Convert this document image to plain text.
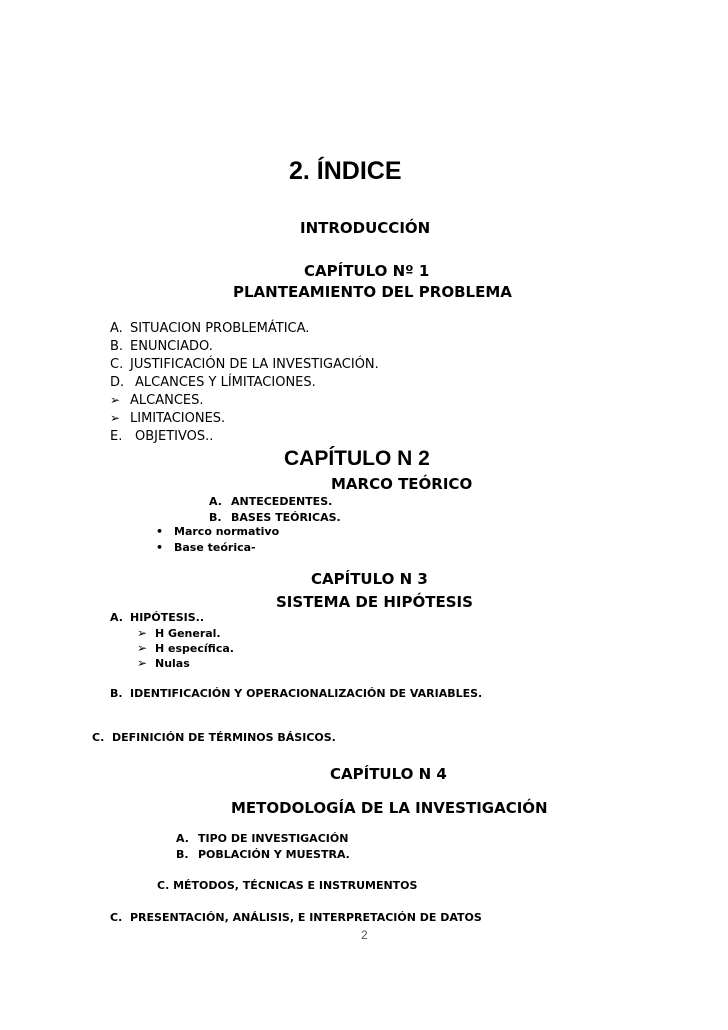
2. ÍNDICE
INTRODUCCIÓN
CAPÍTULO Nº 1
PLANTEAMIENTO DEL PROBLEMA
A. SITUACION PROBLEMÁTICA.
B. ENUNCIADO.
C. JUSTIFICACIÓN DE LA INVESTIGACIÓN.
D. ALCANCES Y LÍMITACIONES.
➢ ALCANCES.
➢ LIMITACIONES.
E. OBJETIVOS..
CAPÍTULO N 2
MARCO TEÓRICO
A. ANTECEDENTES.
B. BASES TEÓRICAS.
• Marco normativo
• Base teórica-
CAPÍTULO N 3
SISTEMA DE HIPÓTESIS
A. HIPÓTESIS..
➢ H General.
➢ H específica.
➢ Nulas
B. IDENTIFICACIÓN Y OPERACIONALIZACIÓN DE VARIABLES.
C. DEFINICIÓN DE TÉRMINOS BÁSICOS.
CAPÍTULO N 4
METODOLOGÍA DE LA INVESTIGACIÓN
A. TIPO DE INVESTIGACIÓN
B. POBLACIÓN Y MUESTRA.
C. MÉTODOS, TÉCNICAS E INSTRUMENTOS
C. PRESENTACIÓN, ANÁLISIS, E INTERPRETACIÓN DE DATOS
2
